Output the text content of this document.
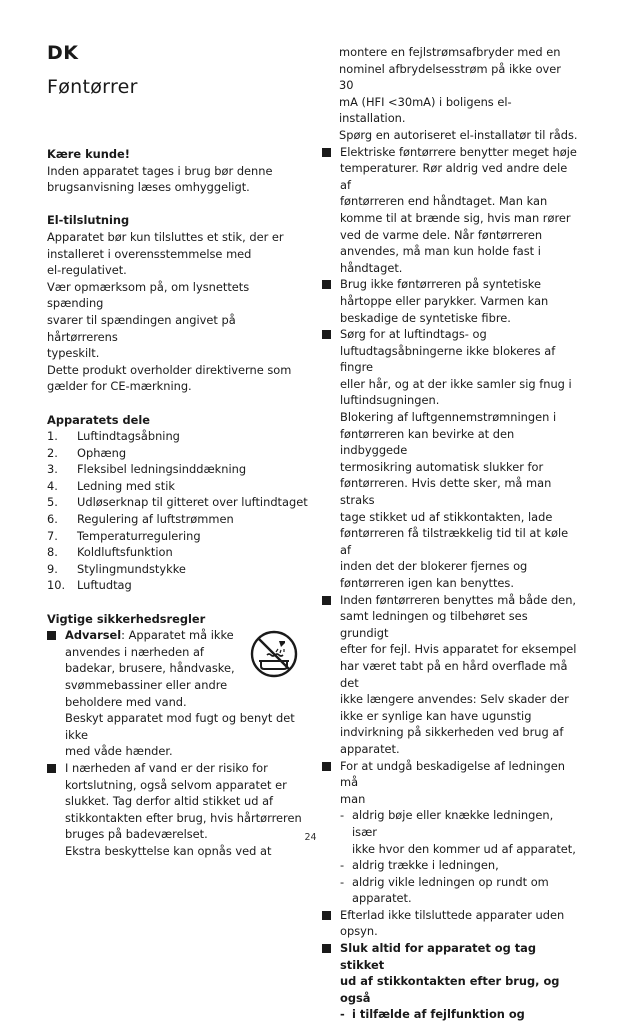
DK
Føntørrer

Kære kunde!

Inden apparatet tages i brug bør denne

brugsanvisning læses omhyggeligt.

El-tilslutning

Apparatet bør kun tilsluttes et stik, der er

installeret i overensstemmelse med

el-regulativet.

Vær opmærksom på, om lysnettets spænding

svarer til spændingen angivet på hårtørrerens

typeskilt.

Dette produkt overholder direktiverne som

gælder for CE-mærkning.

Apparatets dele

1.	Luftindtagsåbning
2.	Ophæng
3.	Fleksibel ledningsinddækning
4.	Ledning med stik
5.	Udløserknap til gitteret over luftindtaget
6.	Regulering af luftstrømmen
7.	Temperaturregulering
8.	Koldluftsfunktion
9.	Stylingmundstykke
10.	Luftudtag

Vigtige sikkerhedsregler

Advarsel: Apparatet må ikke

anvendes i nærheden af

badekar, brusere, håndvaske,

svømmebassiner eller andre

beholdere med vand.

Beskyt apparatet mod fugt og benyt det ikke

med våde hænder.

I nærheden af vand er der risiko for

kortslutning, også selvom apparatet er

slukket. Tag derfor altid stikket ud af

stikkontakten efter brug, hvis hårtørreren

bruges på badeværelset.

Ekstra beskyttelse kan opnås ved at

montere en fejlstrømsafbryder med en

nominel afbrydelsesstrøm på ikke over 30

mA (HFI <30mA) i boligens el-installation.

Spørg en autoriseret el-installatør til råds.

Elektriske føntørrere benytter meget høje

temperaturer. Rør aldrig ved andre dele af

føntørreren end håndtaget. Man kan

komme til at brænde sig, hvis man rører

ved de varme dele. Når føntørreren

anvendes, må man kun holde fast i

håndtaget.

Brug ikke føntørreren på syntetiske

hårtoppe eller parykker. Varmen kan

beskadige de syntetiske fibre.

Sørg for at luftindtags- og

luftudtagsåbningerne ikke blokeres af fingre

eller hår, og at der ikke samler sig fnug i

luftindsugningen.

Blokering af luftgennemstrømningen i

føntørreren kan bevirke at den indbyggede

termosikring automatisk slukker for

føntørreren. Hvis dette sker, må man straks

tage stikket ud af stikkontakten, lade

føntørreren få tilstrækkelig tid til at køle af

inden det der blokerer fjernes og

føntørreren igen kan benyttes.

Inden føntørreren benyttes må både den,

samt ledningen og tilbehøret ses grundigt

efter for fejl. Hvis apparatet for eksempel

har været tabt på en hård overflade må det

ikke længere anvendes: Selv skader der

ikke er synlige kan have ugunstig

indvirkning på sikkerheden ved brug af

apparatet.

For at undgå beskadigelse af ledningen må

man

- aldrig bøje eller knække ledningen, især

ikke hvor den kommer ud af apparatet,

- aldrig trække i ledningen,

- aldrig vikle ledningen op rundt om

apparatet.

Efterlad ikke tilsluttede apparater uden

opsyn.

Sluk altid for apparatet og tag stikket

ud af stikkontakten efter brug, og

også

- i tilfælde af fejlfunktion og

24
